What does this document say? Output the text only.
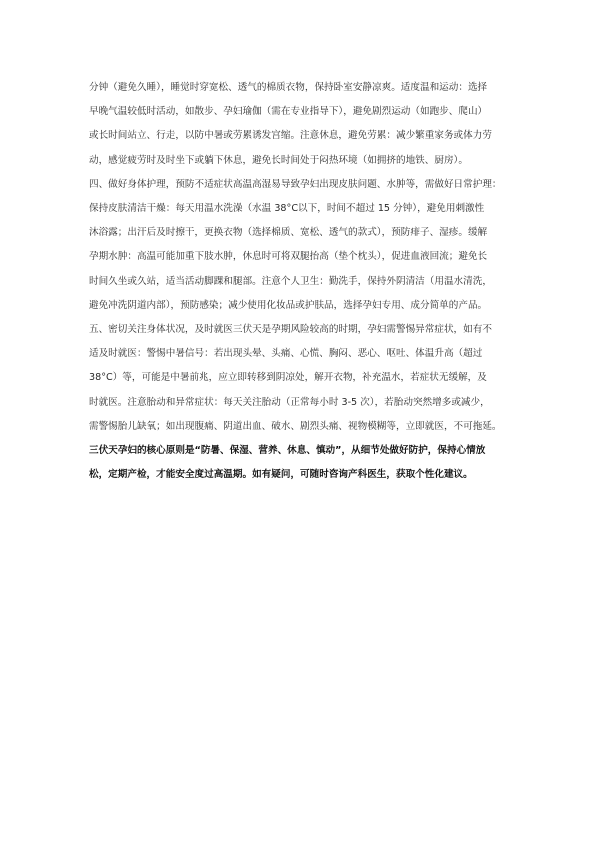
分钟（避免久睡），睡觉时穿宽松、透气的棉质衣物，保持卧室安静凉爽。适度温和运动：选择
早晚气温较低时活动，如散步、孕妇瑜伽（需在专业指导下），避免剧烈运动（如跑步、爬山）
或长时间站立、行走，以防中暑或劳累诱发宫缩。注意休息，避免劳累：减少繁重家务或体力劳
动，感觉疲劳时及时坐下或躺下休息，避免长时间处于闷热环境（如拥挤的地铁、厨房）。

四、做好身体护理，预防不适症状高温高湿易导致孕妇出现皮肤问题、水肿等，需做好日常护理：
保持皮肤清洁干燥：每天用温水洗澡（水温 38°C以下，时间不超过 15 分钟），避免用刺激性
沐浴露；出汗后及时擦干，更换衣物（选择棉质、宽松、透气的款式），预防痱子、湿疹。缓解
孕期水肿：高温可能加重下肢水肿，休息时可将双腿抬高（垫个枕头），促进血液回流；避免长
时间久坐或久站，适当活动脚踝和腿部。注意个人卫生：勤洗手，保持外阴清洁（用温水清洗，
避免冲洗阴道内部），预防感染；减少使用化妆品或护肤品，选择孕妇专用、成分简单的产品。

五、密切关注身体状况，及时就医三伏天是孕期风险较高的时期，孕妇需警惕异常症状，如有不
适及时就医：警惕中暑信号：若出现头晕、头痛、心慌、胸闷、恶心、呕吐、体温升高（超过
38°C）等，可能是中暑前兆，应立即转移到阴凉处，解开衣物，补充温水，若症状无缓解，及
时就医。注意胎动和异常症状：每天关注胎动（正常每小时 3-5 次），若胎动突然增多或减少，
需警惕胎儿缺氧；如出现腹痛、阴道出血、破水、剧烈头痛、视物模糊等，立即就医，不可拖延。

三伏天孕妇的核心原则是“防暑、保湿、营养、休息、慎动”，从细节处做好防护，保持心情放
松，定期产检，才能安全度过高温期。如有疑问，可随时咨询产科医生，获取个性化建议。
